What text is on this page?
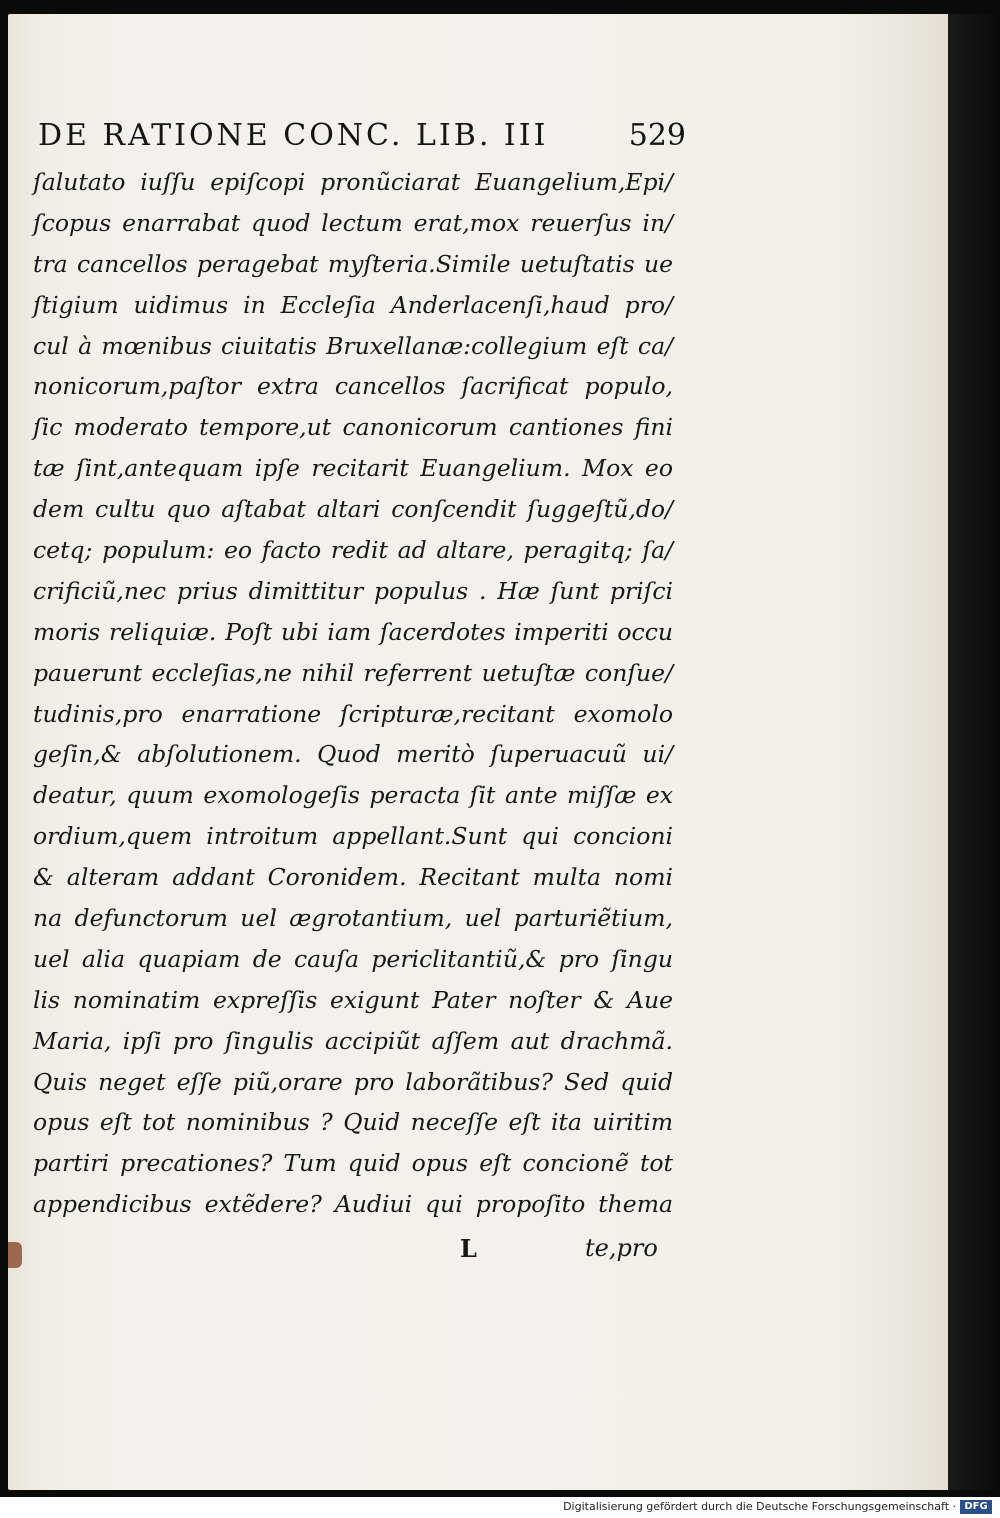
DE RATIONE CONC. LIB. III	529
ſalutato iuſſu epiſcopi pronũciarat Euangelium,Epi/
ſcopus enarrabat quod lectum erat,mox reuerſus in/
tra cancellos peragebat myſteria.Simile uetuſtatis ue
ſtigium uidimus in Eccleſia Anderlacenſi,haud pro/
cul à mœnibus ciuitatis Bruxellanæ:collegium eſt ca/
nonicorum,paſtor extra cancellos ſacrificat populo,
ſic moderato tempore,ut canonicorum cantiones fini
tæ ſint,antequam ipſe recitarit Euangelium. Mox eo
dem cultu quo aſtabat altari conſcendit ſuggeſtũ,do/
cetq; populum: eo facto redit ad altare, peragitq; ſa/
crificiũ,nec prius dimittitur populus . Hæ ſunt priſci
moris reliquiæ. Poſt ubi iam ſacerdotes imperiti occu
pauerunt eccleſias,ne nihil referrent uetuſtæ conſue/
tudinis,pro enarratione ſcripturæ,recitant exomolo
geſin,& abſolutionem. Quod meritò ſuperuacuũ ui/
deatur, quum exomologeſis peracta ſit ante miſſæ ex
ordium,quem introitum appellant.Sunt qui concioni
& alteram addant Coronidem. Recitant multa nomi
na defunctorum uel ægrotantium, uel parturiẽtium,
uel alia quapiam de cauſa periclitantiũ,& pro ſingu
lis nominatim expreſſis exigunt Pater noſter & Aue
Maria, ipſi pro ſingulis accipiũt aſſem aut drachmã.
Quis neget eſſe piũ,orare pro laborãtibus? Sed quid
opus eſt tot nominibus ? Quid neceſſe eſt ita uiritim
partiri precationes? Tum quid opus eſt concionẽ tot
appendicibus extẽdere? Audiui qui propoſito thema
L	te,pro
Digitalisierung gefördert durch die Deutsche Forschungsgemeinschaft · DFG
